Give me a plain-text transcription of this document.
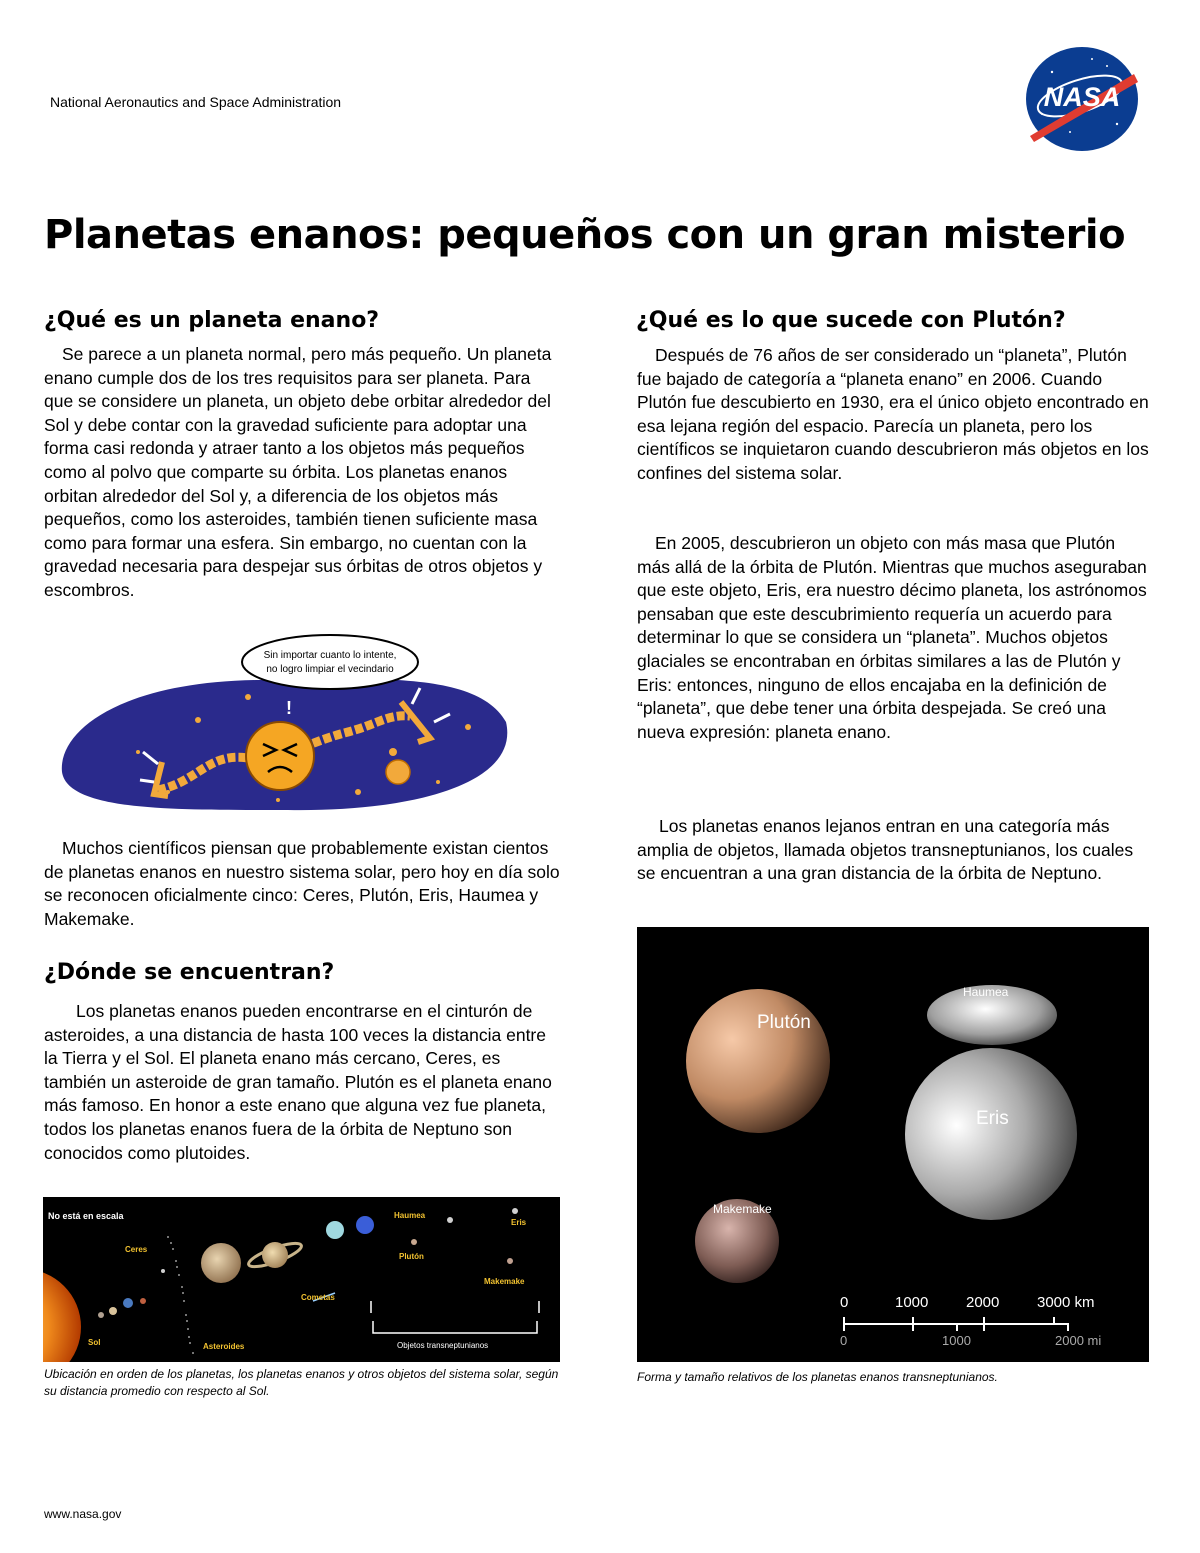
National Aeronautics and Space Administration	NASA
Planetas enanos: pequeños con un gran misterio
¿Qué es un planeta enano?

Se parece a un planeta normal, pero más pequeño. Un planeta enano cumple dos de los tres requisitos para ser planeta. Para que se considere un planeta, un objeto debe orbitar alrededor del Sol y debe contar con la gravedad suficiente para adoptar una forma casi redonda y atraer tanto a los objetos más pequeños como al polvo que comparte su órbita. Los planetas enanos orbitan alrededor del Sol y, a diferencia de los objetos más pequeños, como los asteroides, también tienen suficiente masa como para formar una esfera. Sin embargo, no cuentan con la gravedad necesaria para despejar sus órbitas de otros objetos y escombros.

Sin importar cuanto lo intente,
no logro limpiar el vecindario
!

Muchos científicos piensan que probablemente existan cientos de planetas enanos en nuestro sistema solar, pero hoy en día solo se reconocen oficialmente cinco: Ceres, Plutón, Eris, Haumea y Makemake.

¿Dónde se encuentran?

Los planetas enanos pueden encontrarse en el cinturón de asteroides, a una distancia de hasta 100 veces la distancia entre la Tierra y el Sol. El planeta enano más cercano, Ceres, es también un asteroide de gran tamaño. Plutón es el planeta enano más famoso. En honor a este enano que alguna vez fue planeta, todos los planetas enanos fuera de la órbita de Neptuno son conocidos como plutoides.

No está en escala
Ceres
Sol	Asteroides
Cometas
Haumea
Plutón
Eris
Makemake
Objetos transneptunianos
Ubicación en orden de los planetas, los planetas enanos y otros objetos del sistema solar, según su distancia promedio con respecto al Sol.
¿Qué es lo que sucede con Plutón?

Después de 76 años de ser considerado un “planeta”, Plutón fue bajado de categoría a “planeta enano” en 2006. Cuando Plutón fue descubierto en 1930, era el único objeto encontrado en esa lejana región del espacio. Parecía un planeta, pero los científicos se inquietaron cuando descubrieron más objetos en los confines del sistema solar.

En 2005, descubrieron un objeto con más masa que Plutón más allá de la órbita de Plutón. Mientras que muchos aseguraban que este objeto, Eris, era nuestro décimo planeta, los astrónomos pensaban que este descubrimiento requería un acuerdo para determinar lo que se considera un “planeta”. Muchos objetos glaciales se encontraban en órbitas similares a las de Plutón y Eris: entonces, ninguno de ellos encajaba en la definición de “planeta”, que debe tener una órbita despejada. Se creó una nueva expresión: planeta enano.

Los planetas enanos lejanos entran en una categoría más amplia de objetos, llamada objetos transneptunianos, los cuales se encuentran a una gran distancia de la órbita de Neptuno.

Plutón
Haumea
Eris
Makemake
0	1000	2000	3000 km
0	1000	2000 mi
Forma y tamaño relativos de los planetas enanos transneptunianos.
www.nasa.gov
